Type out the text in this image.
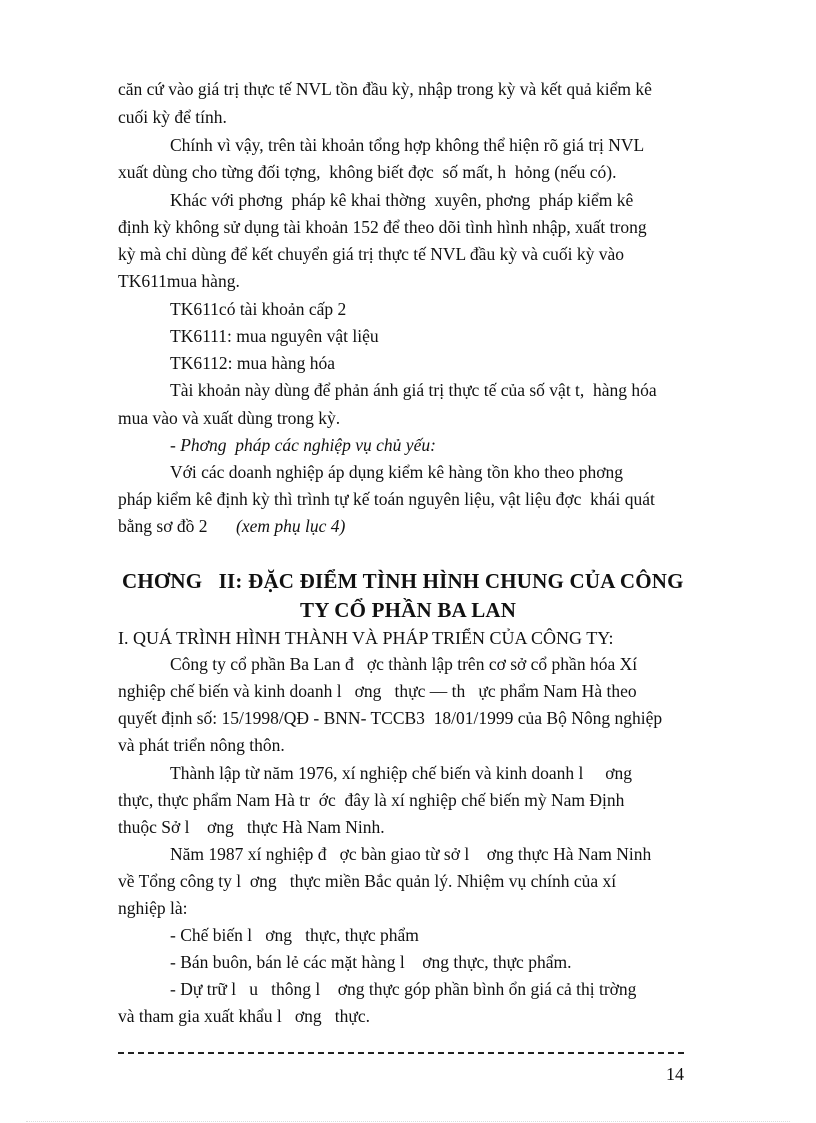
căn cứ vào giá trị thực tế NVL tồn đầu kỳ, nhập trong kỳ và kết quả kiểm kê
cuối kỳ để tính.
Chính vì vậy, trên tài khoản tổng hợp không thể hiện rõ giá trị NVL
xuất dùng cho từng đối tợng,  không biết đợc  số mất, h  hỏng (nếu có).
Khác với phơng  pháp kê khai thờng  xuyên, phơng  pháp kiểm kê
định kỳ không sử dụng tài khoản 152 để theo dõi tình hình nhập, xuất trong
kỳ mà chỉ dùng để kết chuyển giá trị thực tế NVL đầu kỳ và cuối kỳ vào
TK611mua hàng.
TK611có tài khoản cấp 2
TK6111: mua nguyên vật liệu
TK6112: mua hàng hóa
Tài khoản này dùng để phản ánh giá trị thực tế của số vật t,  hàng hóa
mua vào và xuất dùng trong kỳ.
- Phơng  pháp các nghiệp vụ chủ yếu:
Với các doanh nghiệp áp dụng kiểm kê hàng tồn kho theo phơng
pháp kiểm kê định kỳ thì trình tự kế toán nguyên liệu, vật liệu đợc  khái quát
bằng sơ đồ 2 (xem phụ lục 4)
CHƠNG   II: ĐẶC ĐIỂM TÌNH HÌNH CHUNG CỦA CÔNG
TY CỔ PHẦN BA LAN
I. QUÁ TRÌNH HÌNH THÀNH VÀ PHÁP TRIỂN CỦA CÔNG TY:
Công ty cổ phần Ba Lan đ   ợc thành lập trên cơ sở cổ phần hóa Xí
nghiệp chế biến và kinh doanh l   ơng   thực — th   ực phẩm Nam Hà theo
quyết định số: 15/1998/QĐ - BNN- TCCB3  18/01/1999 của Bộ Nông nghiệp
và phát triển nông thôn.
Thành lập từ năm 1976, xí nghiệp chế biến và kinh doanh l     ơng
thực, thực phẩm Nam Hà tr  ớc  đây là xí nghiệp chế biến mỳ Nam Định
thuộc Sở l    ơng   thực Hà Nam Ninh.
Năm 1987 xí nghiệp đ   ợc bàn giao từ sở l    ơng thực Hà Nam Ninh
về Tổng công ty l  ơng   thực miền Bắc quản lý. Nhiệm vụ chính của xí
nghiệp là:
- Chế biến l   ơng   thực, thực phẩm
- Bán buôn, bán lẻ các mặt hàng l    ơng thực, thực phẩm.
- Dự trữ l   u   thông l    ơng thực góp phần bình ổn giá cả thị trờng
và tham gia xuất khẩu l   ơng   thực.
14
